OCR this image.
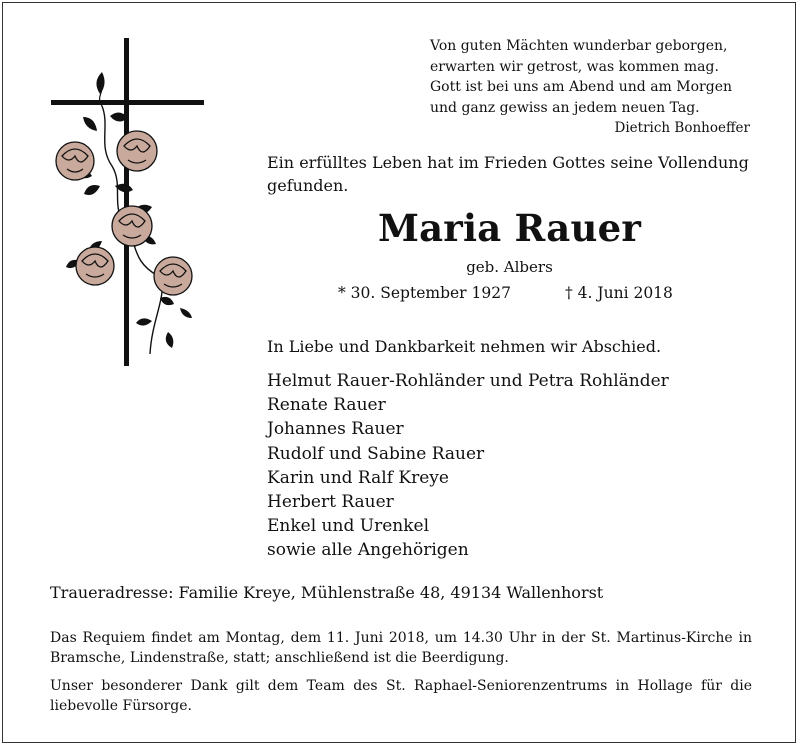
Von guten Mächten wunderbar geborgen,
erwarten wir getrost, was kommen mag.
Gott ist bei uns am Abend und am Morgen
und ganz gewiss an jedem neuen Tag.
Dietrich Bonhoeffer
Ein erfülltes Leben hat im Frieden Gottes seine Vollendung gefunden.
Maria Rauer
geb. Albers
* 30. September 1927	† 4. Juni 2018
In Liebe und Dankbarkeit nehmen wir Abschied.
Helmut Rauer-Rohländer und Petra Rohländer
Renate Rauer
Johannes Rauer
Rudolf und Sabine Rauer
Karin und Ralf Kreye
Herbert Rauer
Enkel und Urenkel
sowie alle Angehörigen
Traueradresse: Familie Kreye, Mühlenstraße 48, 49134 Wallenhorst
Das Requiem findet am Montag, dem 11. Juni 2018, um 14.30 Uhr in der St. Martinus-Kirche in Bramsche, Lindenstraße, statt; anschließend ist die Beerdigung.
Unser besonderer Dank gilt dem Team des St. Raphael-Seniorenzentrums in Hollage für die liebevolle Fürsorge.
